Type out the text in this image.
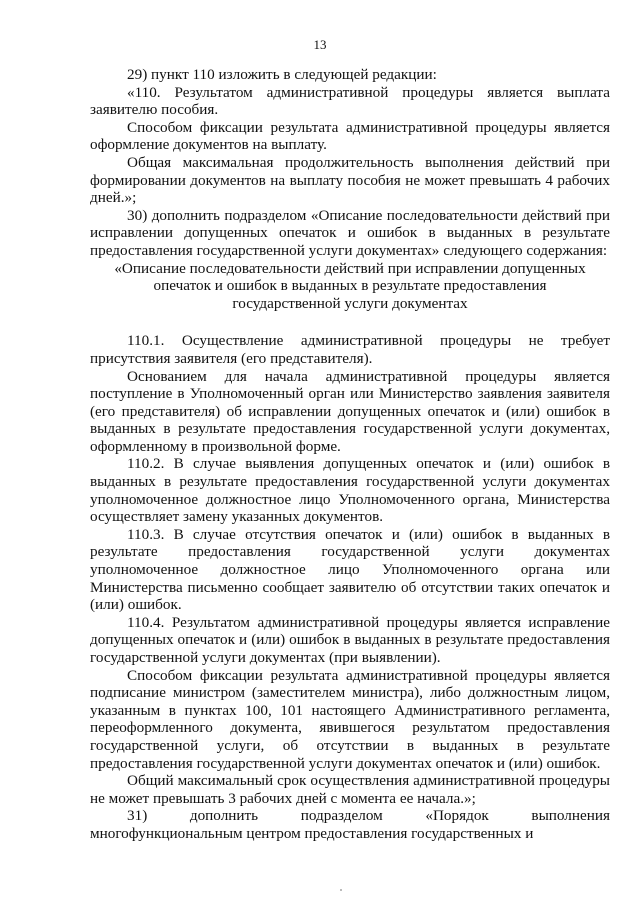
13

29) пункт 110 изложить в следующей редакции:

«110. Результатом административной процедуры является выплата заявителю пособия.

Способом фиксации результата административной процедуры является оформление документов на выплату.

Общая максимальная продолжительность выполнения действий при формировании документов на выплату пособия не может превышать 4 рабочих дней.»;

30) дополнить подразделом «Описание последовательности действий при исправлении допущенных опечаток и ошибок в выданных в результате предоставления государственной услуги документах» следующего содержания:

«Описание последовательности действий при исправлении допущенных опечаток и ошибок в выданных в результате предоставления государственной услуги документах

110.1. Осуществление административной процедуры не требует присутствия заявителя (его представителя).

Основанием для начала административной процедуры является поступление в Уполномоченный орган или Министерство заявления заявителя (его представителя) об исправлении допущенных опечаток и (или) ошибок в выданных в результате предоставления государственной услуги документах, оформленному в произвольной форме.

110.2. В случае выявления допущенных опечаток и (или) ошибок в выданных в результате предоставления государственной услуги документах уполномоченное должностное лицо Уполномоченного органа, Министерства осуществляет замену указанных документов.

110.3. В случае отсутствия опечаток и (или) ошибок в выданных в результате предоставления государственной услуги документах уполномоченное должностное лицо Уполномоченного органа или Министерства письменно сообщает заявителю об отсутствии таких опечаток и (или) ошибок.

110.4. Результатом административной процедуры является исправление допущенных опечаток и (или) ошибок в выданных в результате предоставления государственной услуги документах (при выявлении).

Способом фиксации результата административной процедуры является подписание министром (заместителем министра), либо должностным лицом, указанным в пунктах 100, 101 настоящего Административного регламента, переоформленного документа, явившегося результатом предоставления государственной услуги, об отсутствии в выданных в результате предоставления государственной услуги документах опечаток и (или) ошибок.

Общий максимальный срок осуществления административной процедуры не может превышать 3 рабочих дней с момента ее начала.»;

31) дополнить подразделом «Порядок выполнения многофункциональным центром предоставления государственных и
